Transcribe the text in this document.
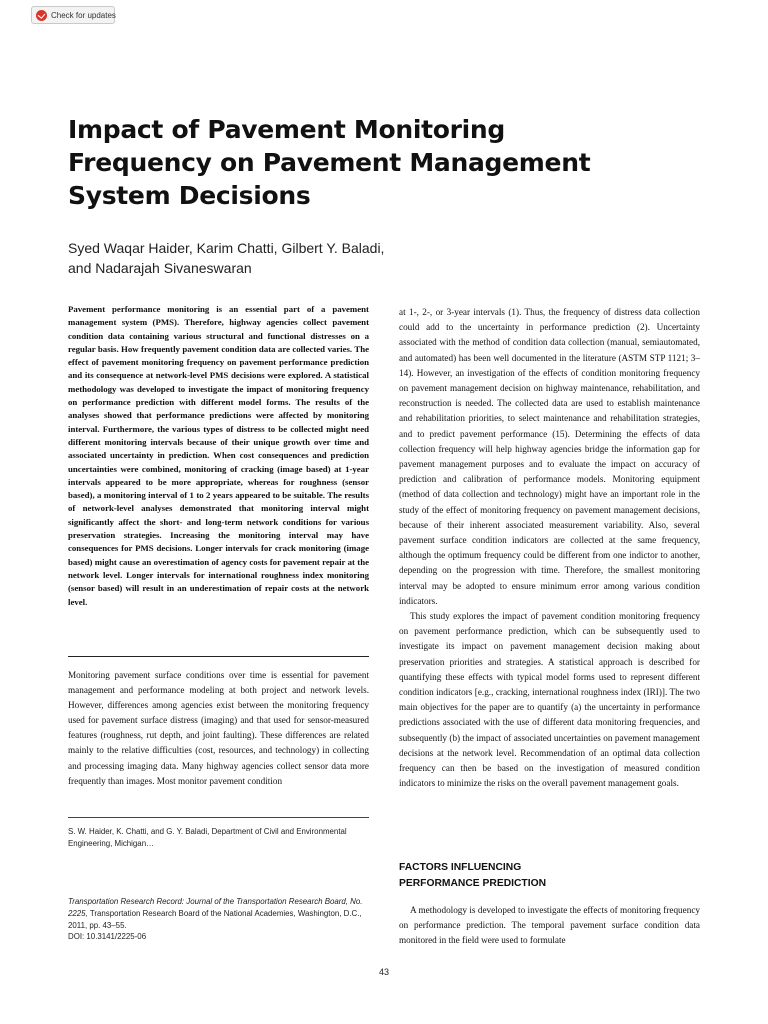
Check for updates
Impact of Pavement Monitoring Frequency on Pavement Management System Decisions
Syed Waqar Haider, Karim Chatti, Gilbert Y. Baladi,
and Nadarajah Sivaneswaran
Pavement performance monitoring is an essential part of a pavement management system (PMS). Therefore, highway agencies collect pavement condition data containing various structural and functional distresses on a regular basis. How frequently pavement condition data are collected varies. The effect of pavement monitoring frequency on pavement performance prediction and its consequence at network-level PMS decisions were explored. A statistical methodology was developed to investigate the impact of monitoring frequency on performance prediction with different model forms. The results of the analyses showed that performance predictions were affected by monitoring interval. Furthermore, the various types of distress to be collected might need different monitoring intervals because of their unique growth over time and associated uncertainty in prediction. When cost consequences and prediction uncertainties were combined, monitoring of cracking (image based) at 1-year intervals appeared to be more appropriate, whereas for roughness (sensor based), a monitoring interval of 1 to 2 years appeared to be suitable. The results of network-level analyses demonstrated that monitoring interval might significantly affect the short- and long-term network conditions for various preservation strategies. Increasing the monitoring interval may have consequences for PMS decisions. Longer intervals for crack monitoring (image based) might cause an overestimation of agency costs for pavement repair at the network level. Longer intervals for international roughness index monitoring (sensor based) will result in an underestimation of repair costs at the network level.
Monitoring pavement surface conditions over time is essential for pavement management and performance modeling at both project and network levels. However, differences among agencies exist between the monitoring frequency used for pavement surface distress (imaging) and that used for sensor-measured features (roughness, rut depth, and joint faulting). These differences are related mainly to the relative difficulties (cost, resources, and technology) in collecting and processing imaging data. Many highway agencies collect sensor data more frequently than images. Most monitor pavement condition
S. W. Haider, K. Chatti, and G. Y. Baladi, Department of Civil and Environmental Engineering, Michigan…
Transportation Research Record: Journal of the Transportation Research Board, No. 2225, Transportation Research Board of the National Academies, Washington, D.C., 2011, pp. 43–55.
DOI: 10.3141/2225-06

at 1-, 2-, or 3-year intervals (1). Thus, the frequency of distress data collection could add to the uncertainty in performance prediction (2). Uncertainty associated with the method of condition data collection (manual, semiautomated, and automated) has been well documented in the literature (ASTM STP 1121; 3–14). However, an investigation of the effects of condition monitoring frequency on pavement management decision on highway maintenance, rehabilitation, and reconstruction is needed. The collected data are used to establish maintenance and rehabilitation priorities, to select maintenance and rehabilitation strategies, and to predict pavement performance (15). Determining the effects of data collection frequency will help highway agencies bridge the information gap for pavement management purposes and to evaluate the impact on accuracy of prediction and calibration of performance models. Monitoring equipment (method of data collection and technology) might have an important role in the study of the effect of monitoring frequency on pavement management decisions, because of their inherent associated measurement variability. Also, several pavement surface condition indicators are collected at the same frequency, although the optimum frequency could be different from one indictor to another, depending on the progression with time. Therefore, the smallest monitoring interval may be adopted to ensure minimum error among various condition indicators.

This study explores the impact of pavement condition monitoring frequency on pavement performance prediction, which can be subsequently used to investigate its impact on pavement management decision making about preservation priorities and strategies. A statistical approach is described for quantifying these effects with typical model forms used to represent different condition indicators [e.g., cracking, international roughness index (IRI)]. The two main objectives for the paper are to quantify (a) the uncertainty in performance predictions associated with the use of different data monitoring frequencies, and subsequently (b) the impact of associated uncertainties on pavement management decisions at the network level. Recommendation of an optimal data collection frequency can then be based on the investigation of measured condition indicators to minimize the risks on the overall pavement management goals.

FACTORS INFLUENCING
PERFORMANCE PREDICTION
A methodology is developed to investigate the effects of monitoring frequency on performance prediction. The temporal pavement surface condition data monitored in the field were used to formulate
43
